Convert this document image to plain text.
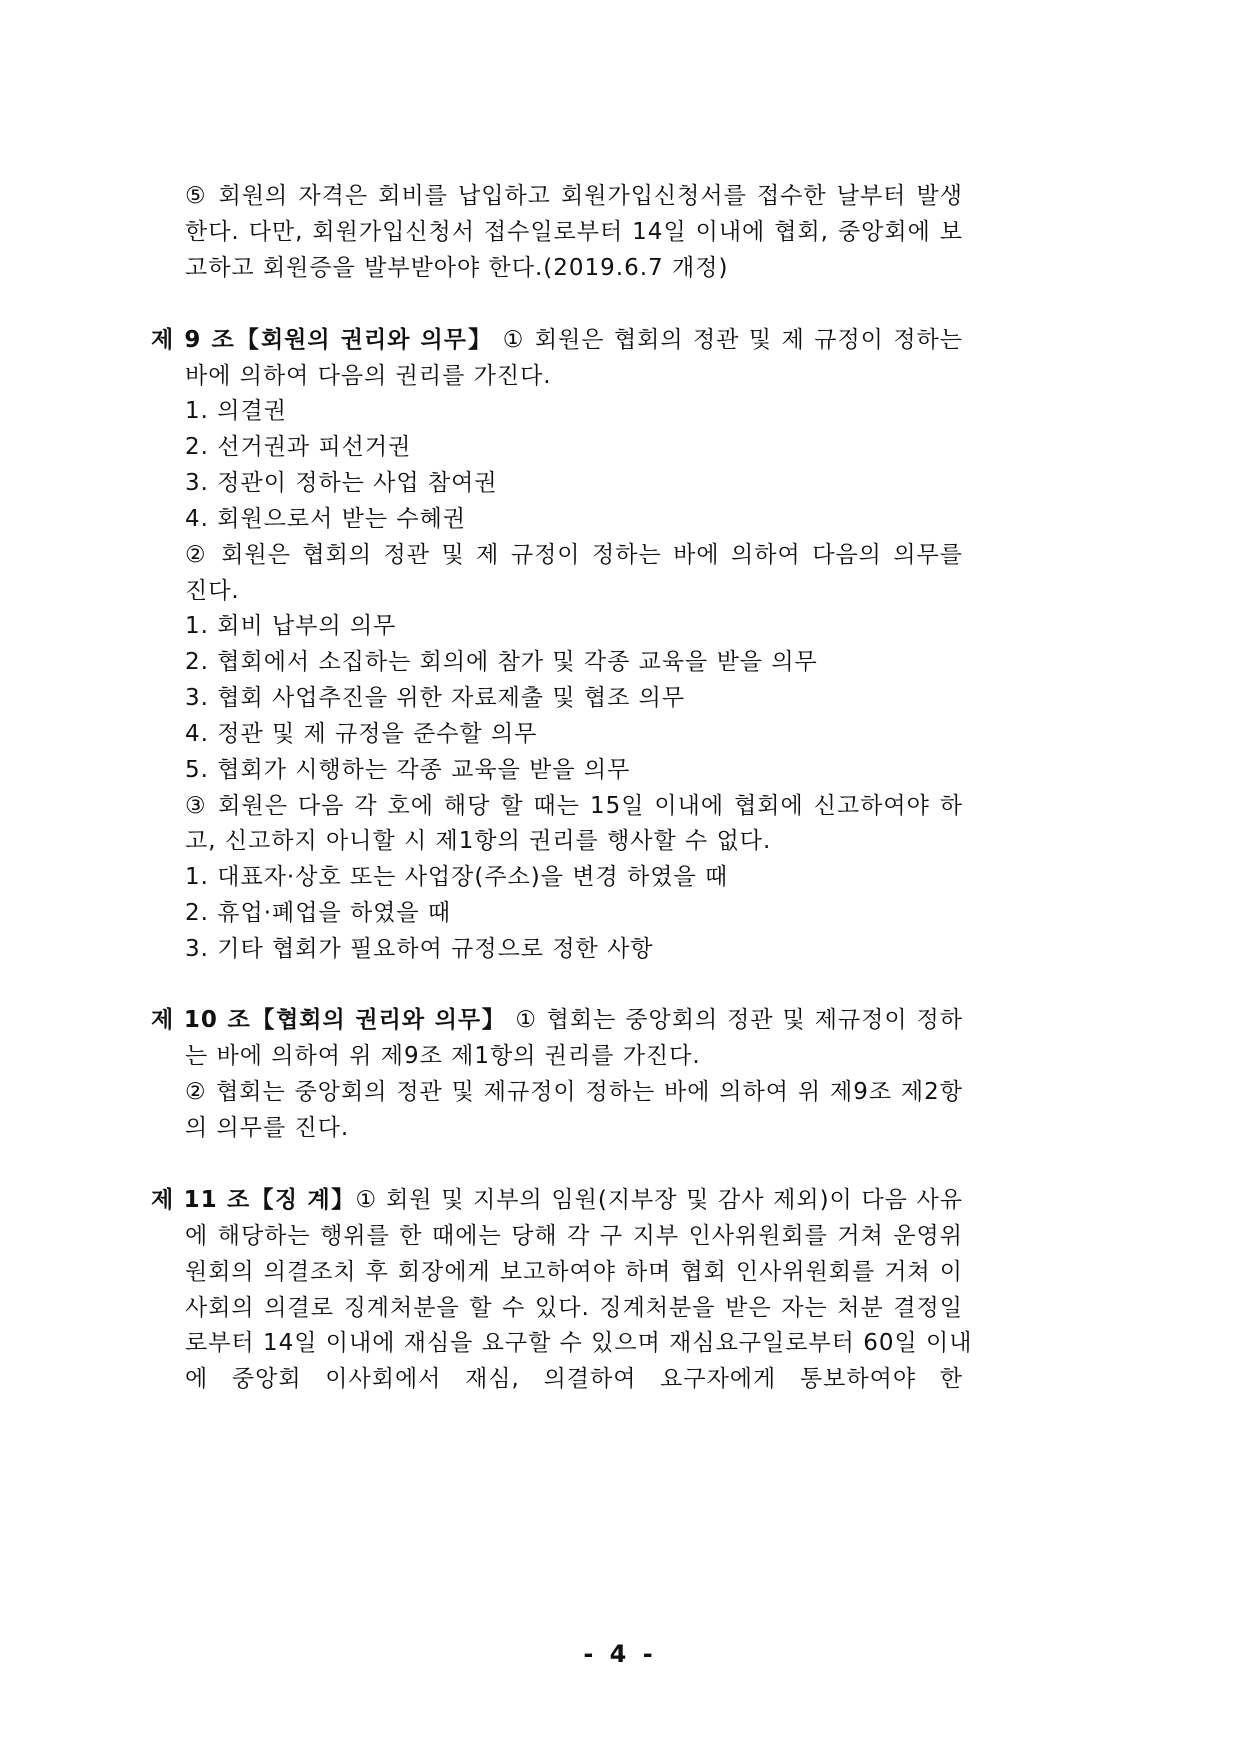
⑤ 회원의 자격은 회비를 납입하고 회원가입신청서를 접수한 날부터 발생
한다. 다만, 회원가입신청서 접수일로부터 14일 이내에 협회, 중앙회에 보
고하고 회원증을 발부받아야 한다.(2019.6.7 개정)
제 9 조【회원의 권리와 의무】 ① 회원은 협회의 정관 및 제 규정이 정하는
바에 의하여 다음의 권리를 가진다.
1. 의결권
2. 선거권과 피선거권
3. 정관이 정하는 사업 참여권
4. 회원으로서 받는 수혜권
② 회원은 협회의 정관 및 제 규정이 정하는 바에 의하여 다음의 의무를
진다.
1. 회비 납부의 의무
2. 협회에서 소집하는 회의에 참가 및 각종 교육을 받을 의무
3. 협회 사업추진을 위한 자료제출 및 협조 의무
4. 정관 및 제 규정을 준수할 의무
5. 협회가 시행하는 각종 교육을 받을 의무
③ 회원은 다음 각 호에 해당 할 때는 15일 이내에 협회에 신고하여야 하
고, 신고하지 아니할 시 제1항의 권리를 행사할 수 없다.
1. 대표자·상호 또는 사업장(주소)을 변경 하였을 때
2. 휴업·폐업을 하였을 때
3. 기타 협회가 필요하여 규정으로 정한 사항
제 10 조【협회의 권리와 의무】 ① 협회는 중앙회의 정관 및 제규정이 정하
는 바에 의하여 위 제9조 제1항의 권리를 가진다.
② 협회는 중앙회의 정관 및 제규정이 정하는 바에 의하여 위 제9조 제2항
의 의무를 진다.
제 11 조【징 계】① 회원 및 지부의 임원(지부장 및 감사 제외)이 다음 사유
에 해당하는 행위를 한 때에는 당해 각 구 지부 인사위원회를 거쳐 운영위
원회의 의결조치 후 회장에게 보고하여야 하며 협회 인사위원회를 거쳐 이
사회의 의결로 징계처분을 할 수 있다. 징계처분을 받은 자는 처분 결정일
로부터 14일 이내에 재심을 요구할 수 있으며 재심요구일로부터 60일 이내
에 중앙회 이사회에서 재심, 의결하여 요구자에게 통보하여야 한
- 4 -
